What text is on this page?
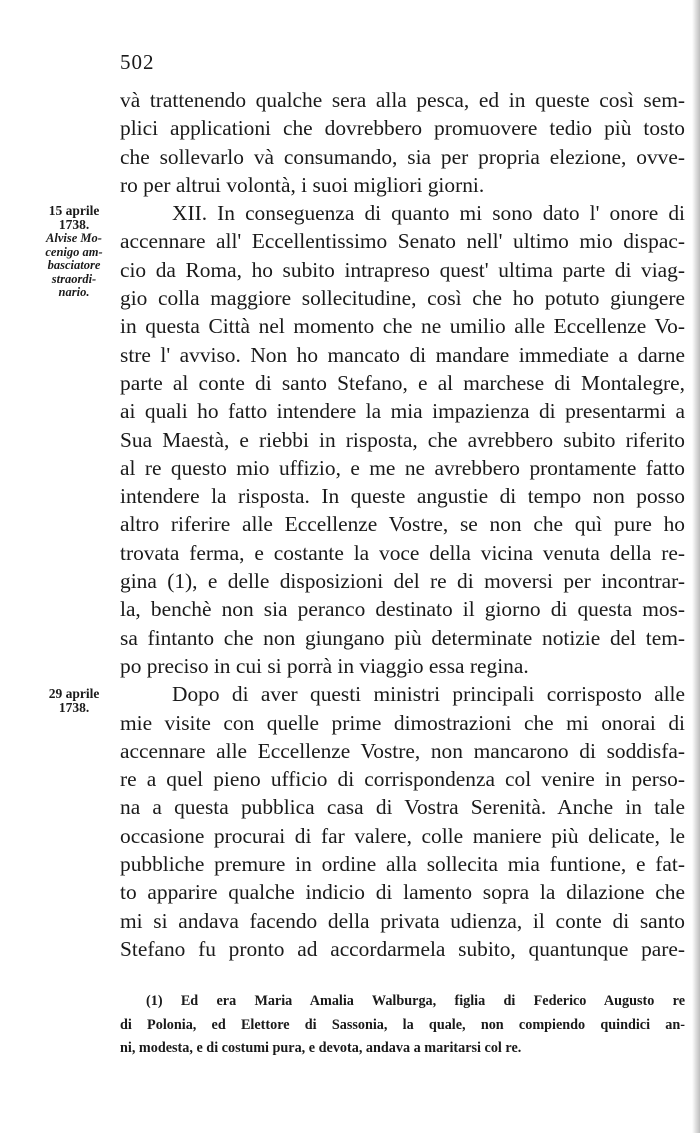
502
15 aprile
1738.
Alvise Mo-
cenigo am-
basciatore
straordi-
nario.
29 aprile
1738.
và trattenendo qualche sera alla pesca, ed in queste così sem-
plici applicationi che dovrebbero promuovere tedio più tosto
che sollevarlo và consumando, sia per propria elezione, ovve-
ro per altrui volontà, i suoi migliori giorni.
XII. In conseguenza di quanto mi sono dato l' onore di
accennare all' Eccellentissimo Senato nell' ultimo mio dispac-
cio da Roma, ho subito intrapreso quest' ultima parte di viag-
gio colla maggiore sollecitudine, così che ho potuto giungere
in questa Città nel momento che ne umilio alle Eccellenze Vo-
stre l' avviso. Non ho mancato di mandare immediate a darne
parte al conte di santo Stefano, e al marchese di Montalegre,
ai quali ho fatto intendere la mia impazienza di presentarmi a
Sua Maestà, e riebbi in risposta, che avrebbero subito riferito
al re questo mio uffizio, e me ne avrebbero prontamente fatto
intendere la risposta. In queste angustie di tempo non posso
altro riferire alle Eccellenze Vostre, se non che quì pure ho
trovata ferma, e costante la voce della vicina venuta della re-
gina (1), e delle disposizioni del re di moversi per incontrar-
la, benchè non sia peranco destinato il giorno di questa mos-
sa fintanto che non giungano più determinate notizie del tem-
po preciso in cui si porrà in viaggio essa regina.
Dopo di aver questi ministri principali corrisposto alle
mie visite con quelle prime dimostrazioni che mi onorai di
accennare alle Eccellenze Vostre, non mancarono di soddisfa-
re a quel pieno ufficio di corrispondenza col venire in perso-
na a questa pubblica casa di Vostra Serenità. Anche in tale
occasione procurai di far valere, colle maniere più delicate, le
pubbliche premure in ordine alla sollecita mia funtione, e fat-
to apparire qualche indicio di lamento sopra la dilazione che
mi si andava facendo della privata udienza, il conte di santo
Stefano fu pronto ad accordarmela subito, quantunque pare-
(1) Ed era Maria Amalia Walburga, figlia di Federico Augusto re
di Polonia, ed Elettore di Sassonia, la quale, non compiendo quindici an-
ni, modesta, e di costumi pura, e devota, andava a maritarsi col re.
